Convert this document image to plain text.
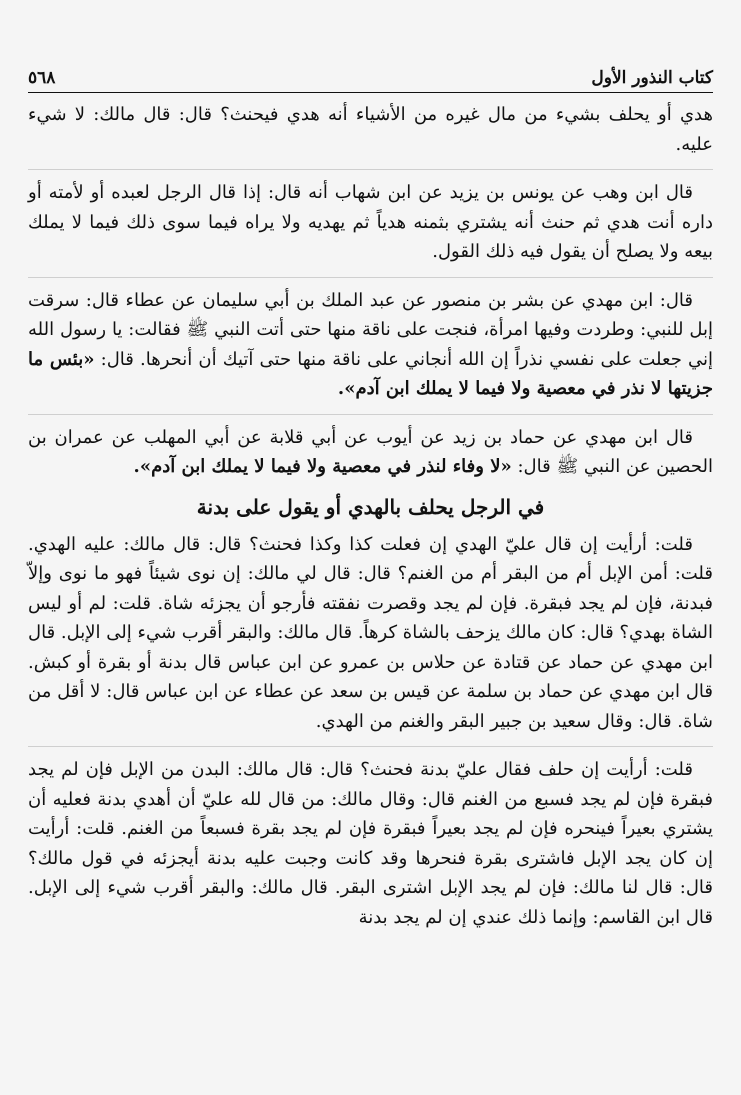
كتاب النذور الأول
٥٦٨

هدي أو يحلف بشيء من مال غيره من الأشياء أنه هدي فيحنث؟ قال: قال مالك: لا شيء عليه.

قال ابن وهب عن يونس بن يزيد عن ابن شهاب أنه قال: إذا قال الرجل لعبده أو لأمته أو داره أنت هدي ثم حنث أنه يشتري بثمنه هدياً ثم يهديه ولا يراه فيما سوى ذلك فيما لا يملك بيعه ولا يصلح أن يقول فيه ذلك القول.

قال: ابن مهدي عن بشر بن منصور عن عبد الملك بن أبي سليمان عن عطاء قال: سرقت إبل للنبي: وطردت وفيها امرأة، فنجت على ناقة منها حتى أتت النبي ﷺ فقالت: يا رسول الله إني جعلت على نفسي نذراً إن الله أنجاني على ناقة منها حتى آتيك أن أنحرها. قال: «بئس ما جزيتها لا نذر في معصية ولا فيما لا يملك ابن آدم».

قال ابن مهدي عن حماد بن زيد عن أيوب عن أبي قلابة عن أبي المهلب عن عمران بن الحصين عن النبي ﷺ قال: «لا وفاء لنذر في معصية ولا فيما لا يملك ابن آدم».

في الرجل يحلف بالهدي أو يقول على بدنة

قلت: أرأيت إن قال عليّ الهدي إن فعلت كذا وكذا فحنث؟ قال: قال مالك: عليه الهدي. قلت: أمن الإبل أم من البقر أم من الغنم؟ قال: قال لي مالك: إن نوى شيئاً فهو ما نوى وإلاّ فبدنة، فإن لم يجد فبقرة. فإن لم يجد وقصرت نفقته فأرجو أن يجزئه شاة. قلت: لم أو ليس الشاة بهدي؟ قال: كان مالك يزحف بالشاة كرهاً. قال مالك: والبقر أقرب شيء إلى الإبل. قال ابن مهدي عن حماد عن قتادة عن حلاس بن عمرو عن ابن عباس قال بدنة أو بقرة أو كبش. قال ابن مهدي عن حماد بن سلمة عن قيس بن سعد عن عطاء عن ابن عباس قال: لا أقل من شاة. قال: وقال سعيد بن جبير البقر والغنم من الهدي.

قلت: أرأيت إن حلف فقال عليّ بدنة فحنث؟ قال: قال مالك: البدن من الإبل فإن لم يجد فبقرة فإن لم يجد فسبع من الغنم قال: وقال مالك: من قال لله عليّ أن أهدي بدنة فعليه أن يشتري بعيراً فينحره فإن لم يجد بعيراً فبقرة فإن لم يجد بقرة فسبعاً من الغنم. قلت: أرأيت إن كان يجد الإبل فاشترى بقرة فنحرها وقد كانت وجبت عليه بدنة أيجزئه في قول مالك؟ قال: قال لنا مالك: فإن لم يجد الإبل اشترى البقر. قال مالك: والبقر أقرب شيء إلى الإبل. قال ابن القاسم: وإنما ذلك عندي إن لم يجد بدنة
